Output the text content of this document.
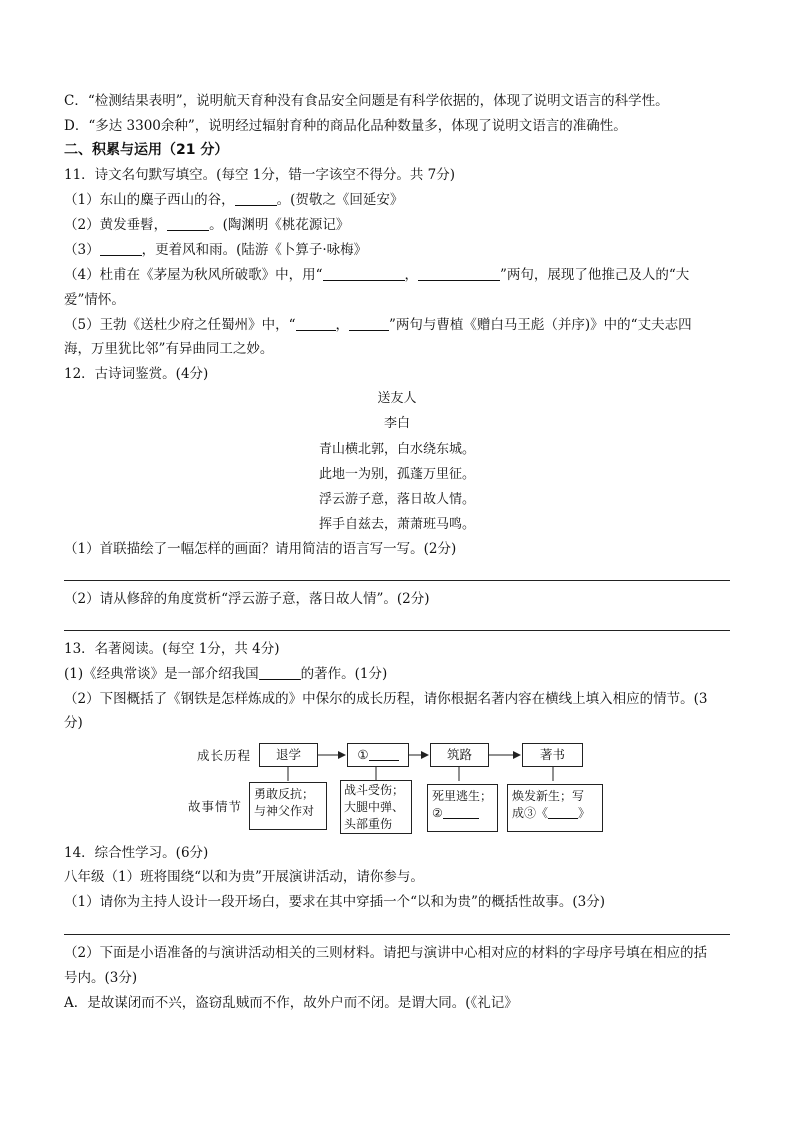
C．“检测结果表明”，说明航天育种没有食品安全问题是有科学依据的，体现了说明文语言的科学性。
D．“多达 3300余种”，说明经过辐射育种的商品化品种数量多，体现了说明文语言的准确性。
二、积累与运用（21 分）
11．诗文名句默写填空。(每空 1分，错一字该空不得分。共 7分)
（1）东山的麋子西山的谷，	。(贺敬之《回延安》
（2）黄发垂髫，	。(陶渊明《桃花源记》
（3）	，更着风和雨。(陆游《卜算子·咏梅》
（4）杜甫在《茅屋为秋风所破歌》中，用“	，	”两句，展现了他推己及人的“大
爱”情怀。
（5）王勃《送杜少府之任蜀州》中，“	，	”两句与曹植《赠白马王彪（并序)》中的“丈夫志四
海，万里犹比邻”有异曲同工之妙。
12．古诗词鉴赏。(4分)
送友人
李白
青山横北郭，白水绕东城。
此地一为别，孤蓬万里征。
浮云游子意，落日故人情。
挥手自兹去，萧萧班马鸣。
（1）首联描绘了一幅怎样的画面？请用简洁的语言写一写。(2分)
（2）请从修辞的角度赏析“浮云游子意，落日故人情”。(2分)
13．名著阅读。(每空 1分，共 4分)
(1)《经典常谈》是一部介绍我国	的著作。(1分)
（2）下图概括了《钢铁是怎样炼成的》中保尔的成长历程，请你根据名著内容在横线上填入相应的情节。(3
分)
成长历程
故事情节
退学	①	筑路	著书
勇敢反抗；
与神父作对
战斗受伤；
大腿中弹、
头部重伤
死里逃生；
②
焕发新生；写
成③《	》
14．综合性学习。(6分)
八年级（1）班将围绕“以和为贵”开展演讲活动，请你参与。
（1）请你为主持人设计一段开场白，要求在其中穿插一个“以和为贵”的概括性故事。(3分)
（2）下面是小语准备的与演讲活动相关的三则材料。请把与演讲中心相对应的材料的字母序号填在相应的括
号内。(3分)
A．是故谋闭而不兴，盗窃乱贼而不作，故外户而不闭。是谓大同。(《礼记》
